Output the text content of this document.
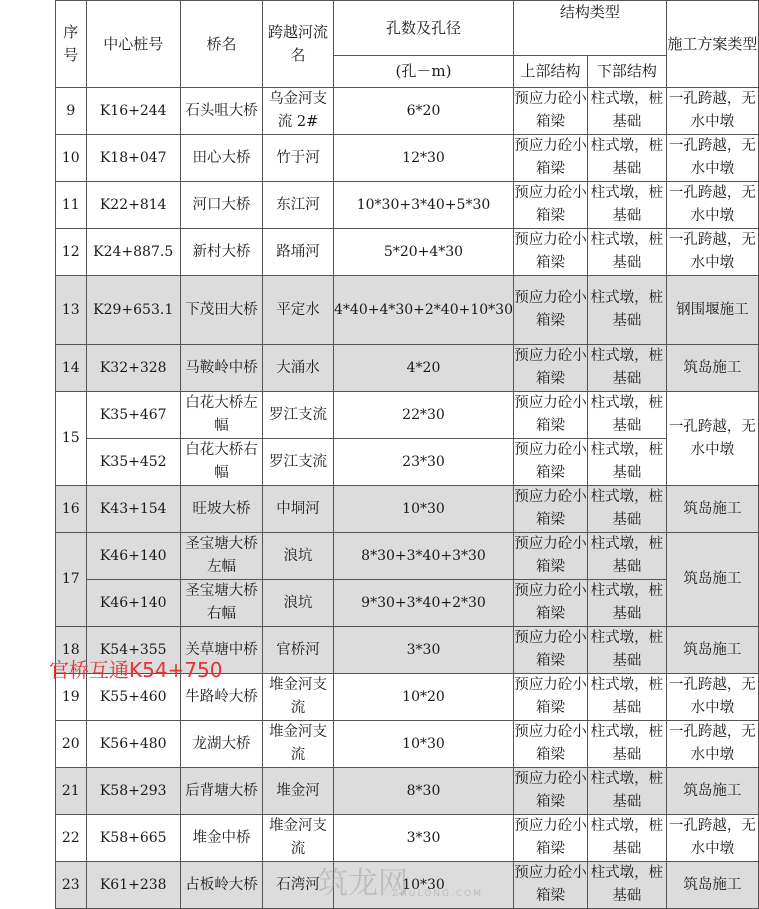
序号	中心桩号	桥名	跨越河流名	孔数及孔径	结构类型		施工方案类型
				(孔－m)	上部结构	下部结构	
9	K16+244	石头咀大桥	乌金河支流 2#	6*20	预应力砼小箱梁	柱式墩，桩基础	一孔跨越，无水中墩
10	K18+047	田心大桥	竹于河	12*30	预应力砼小箱梁	柱式墩，桩基础	一孔跨越，无水中墩
11	K22+814	河口大桥	东江河	10*30+3*40+5*30	预应力砼小箱梁	柱式墩，桩基础	一孔跨越，无水中墩
12	K24+887.5	新村大桥	路埇河	5*20+4*30	预应力砼小箱梁	柱式墩，桩基础	一孔跨越，无水中墩
13	K29+653.1	下茂田大桥	平定水	4*40+4*30+2*40+10*30	预应力砼小箱梁	柱式墩，桩基础	钢围堰施工
14	K32+328	马鞍岭中桥	大涌水	4*20	预应力砼小箱梁	柱式墩，桩基础	筑岛施工
15	K35+467	白花大桥左幅	罗江支流	22*30	预应力砼小箱梁	柱式墩，桩基础	一孔跨越，无水中墩
	K35+452	白花大桥右幅	罗江支流	23*30	预应力砼小箱梁	柱式墩，桩基础	
16	K43+154	旺坡大桥	中垌河	10*30	预应力砼小箱梁	柱式墩，桩基础	筑岛施工
17	K46+140	圣宝塘大桥左幅	浪坑	8*30+3*40+3*30	预应力砼小箱梁	柱式墩，桩基础	筑岛施工
	K46+140	圣宝塘大桥右幅	浪坑	9*30+3*40+2*30	预应力砼小箱梁	柱式墩，桩基础	
18	K54+355	关草塘中桥	官桥河	3*30	预应力砼小箱梁	柱式墩，桩基础	筑岛施工
19	K55+460	牛路岭大桥	堆金河支流	10*20	预应力砼小箱梁	柱式墩，桩基础	一孔跨越，无水中墩
20	K56+480	龙湖大桥	堆金河支流	10*30	预应力砼小箱梁	柱式墩，桩基础	一孔跨越，无水中墩
21	K58+293	后背塘大桥	堆金河	8*30	预应力砼小箱梁	柱式墩，桩基础	筑岛施工
22	K58+665	堆金中桥	堆金河支流	3*30	预应力砼小箱梁	柱式墩，桩基础	一孔跨越，无水中墩
23	K61+238	占板岭大桥	石湾河	10*30	预应力砼小箱梁	柱式墩，桩基础	筑岛施工
官桥互通K54+750
筑龙网
ZHULONG.COM
